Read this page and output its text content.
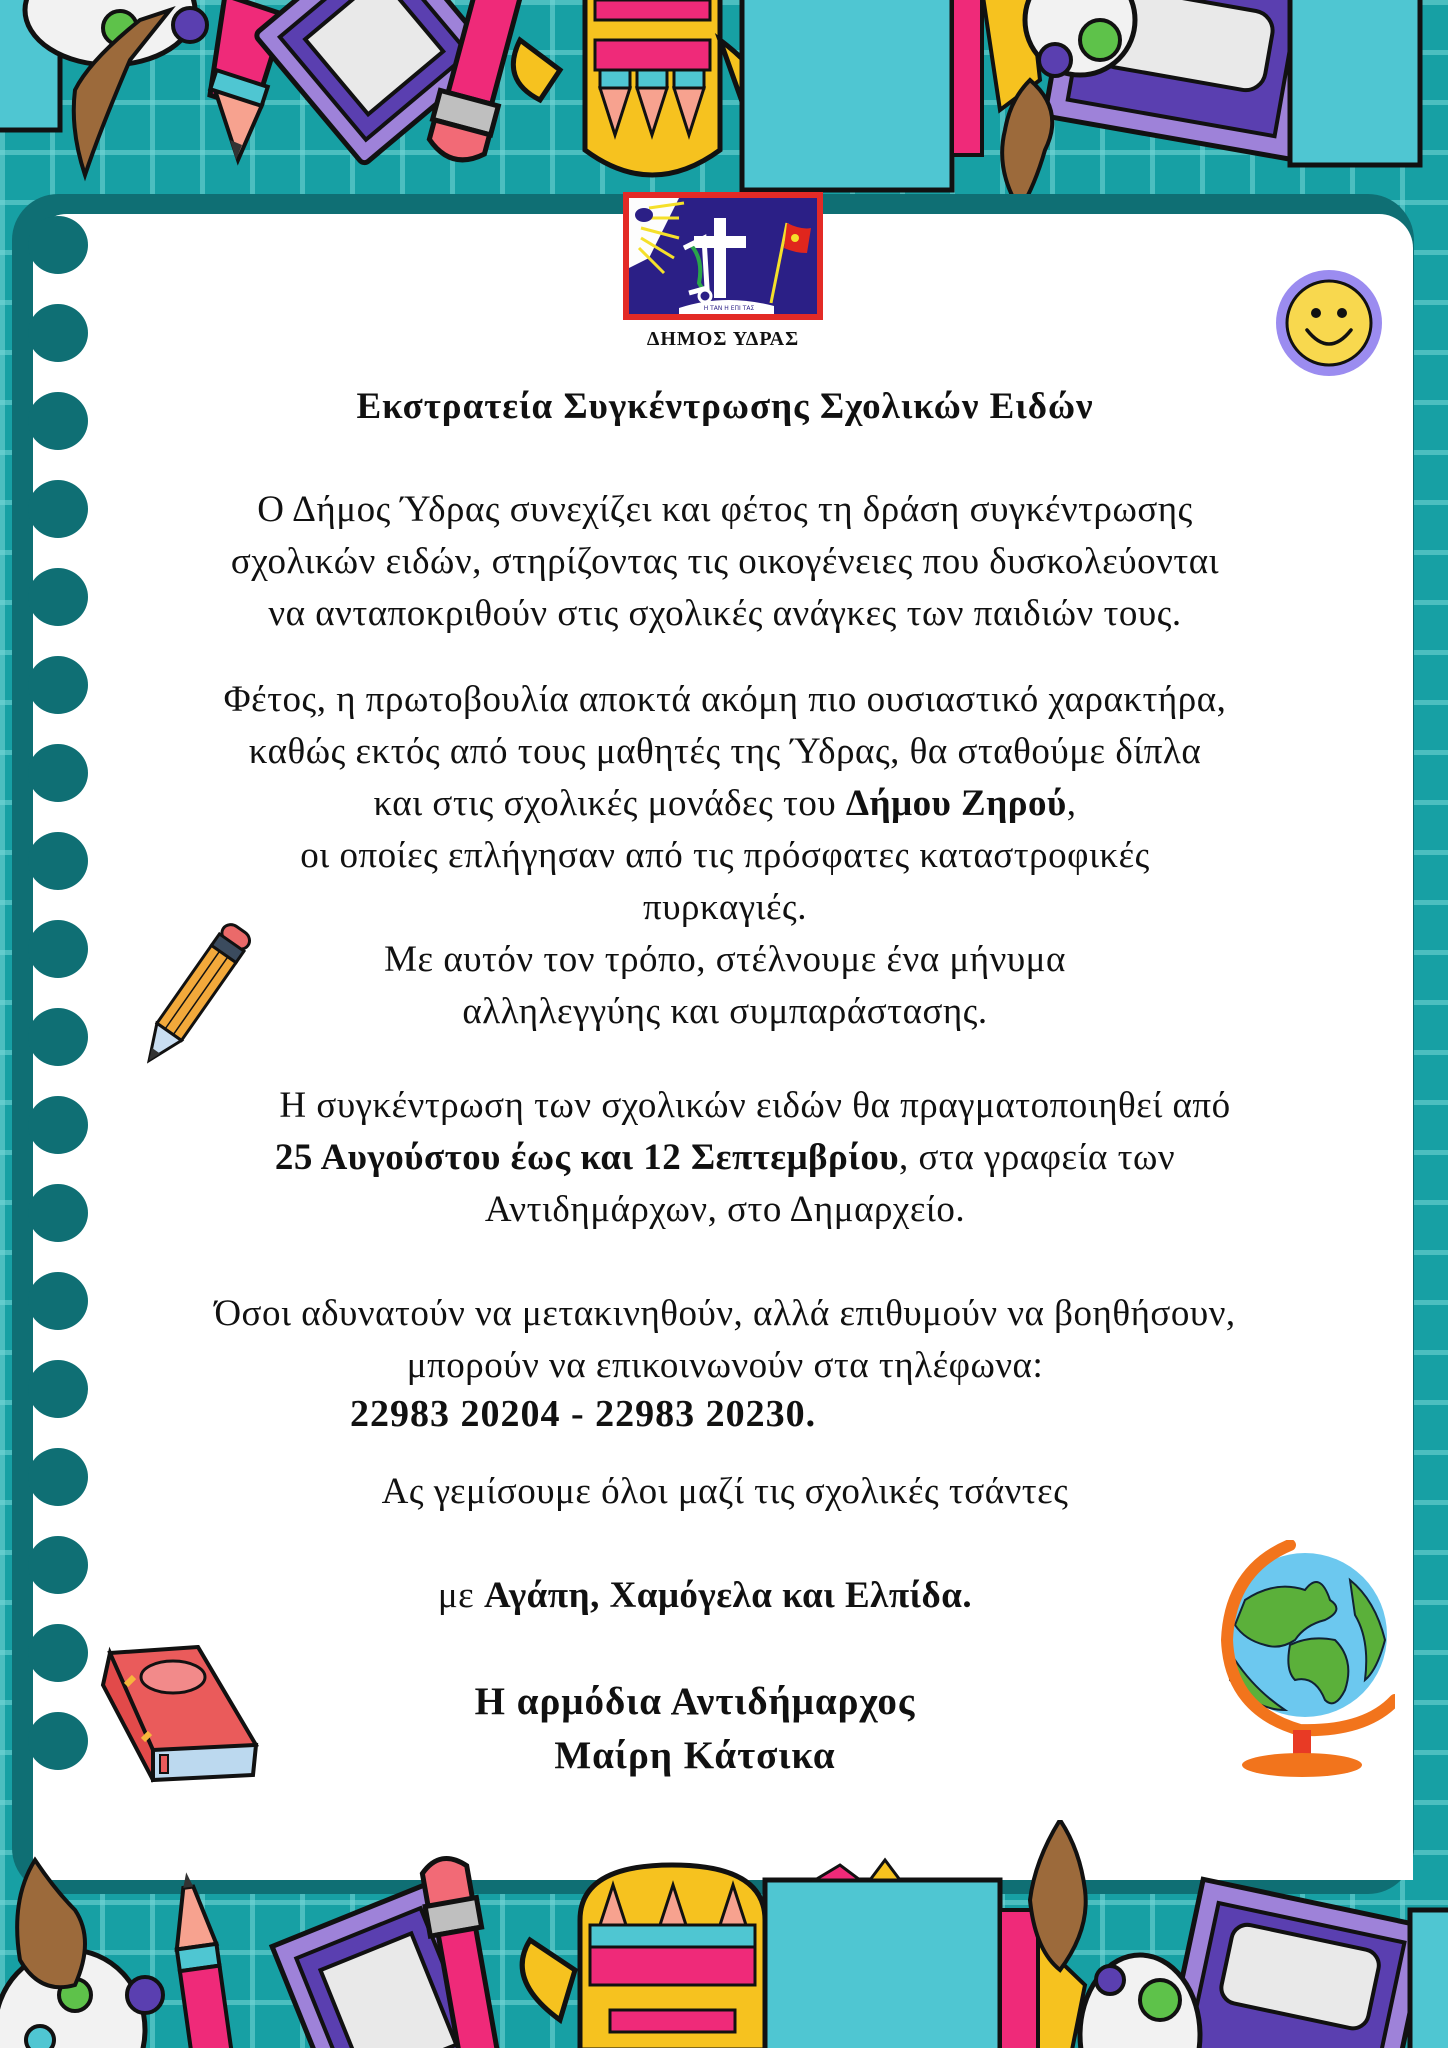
Η ΤΑΝ Η ΕΠΙ ΤΑΣ
ΔΗΜΟΣ ΥΔΡΑΣ
Εκστρατεία Συγκέντρωσης Σχολικών Ειδών
Ο Δήμος Ύδρας συνεχίζει και φέτος τη δράση συγκέντρωσης
σχολικών ειδών, στηρίζοντας τις οικογένειες που δυσκολεύονται
να ανταποκριθούν στις σχολικές ανάγκες των παιδιών τους.
Φέτος, η πρωτοβουλία αποκτά ακόμη πιο ουσιαστικό χαρακτήρα,
καθώς εκτός από τους μαθητές της Ύδρας, θα σταθούμε δίπλα
και στις σχολικές μονάδες του Δήμου Ζηρού,
οι οποίες επλήγησαν από τις πρόσφατες καταστροφικές
πυρκαγιές.
Με αυτόν τον τρόπο, στέλνουμε ένα μήνυμα
αλληλεγγύης και συμπαράστασης.
Η συγκέντρωση των σχολικών ειδών θα πραγματοποιηθεί από
25 Αυγούστου έως και 12 Σεπτεμβρίου, στα γραφεία των
Αντιδημάρχων, στο Δημαρχείο.
Όσοι αδυνατούν να μετακινηθούν, αλλά επιθυμούν να βοηθήσουν,
μπορούν να επικοινωνούν στα τηλέφωνα:
22983 20204 - 22983 20230.
Ας γεμίσουμε όλοι μαζί τις σχολικές τσάντες
με Αγάπη, Χαμόγελα και Ελπίδα.
Η αρμόδια Αντιδήμαρχος
Μαίρη Κάτσικα
